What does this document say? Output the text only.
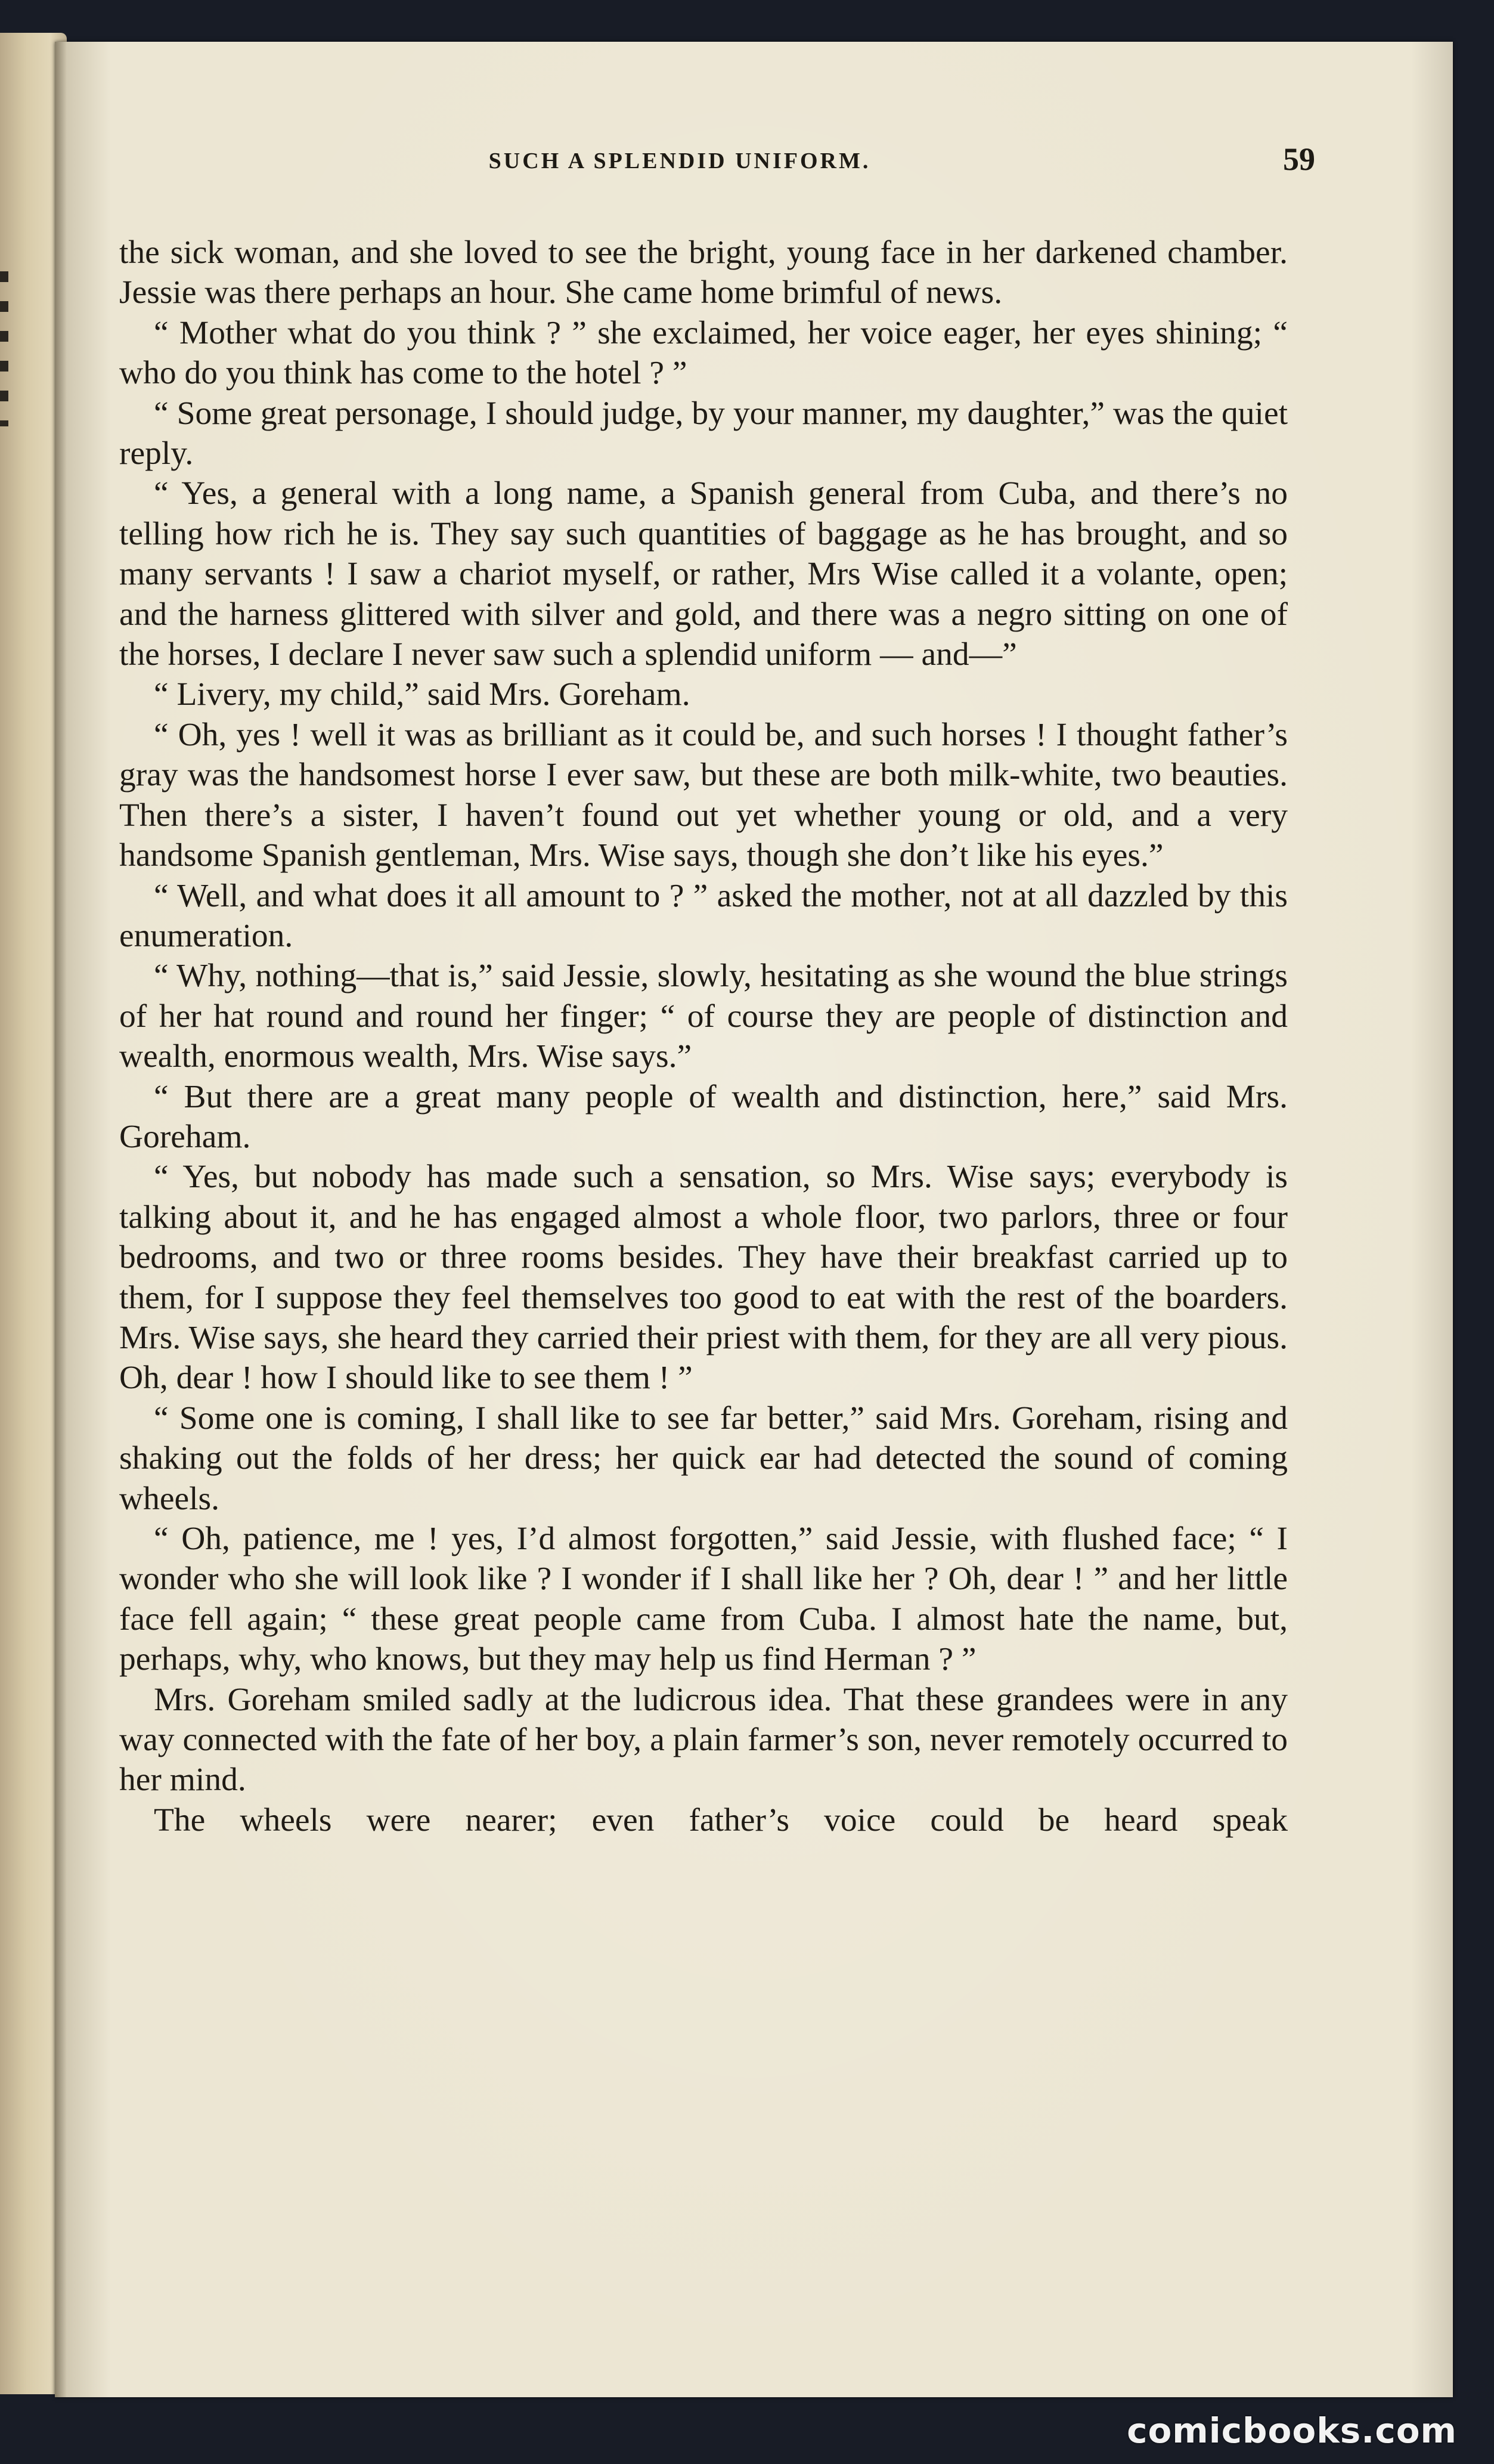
SUCH A SPLENDID UNIFORM.	59

the sick woman, and she loved to see the bright, young face in her darkened chamber. Jessie was there perhaps an hour. She came home brimful of news.

“ Mother what do you think ? ” she exclaimed, her voice eager, her eyes shining; “ who do you think has come to the hotel ? ”

“ Some great personage, I should judge, by your manner, my daughter,” was the quiet reply.

“ Yes, a general with a long name, a Spanish general from Cuba, and there’s no telling how rich he is. They say such quantities of baggage as he has brought, and so many servants ! I saw a chariot myself, or rather, Mrs Wise called it a volante, open; and the harness glittered with silver and gold, and there was a negro sitting on one of the horses, I declare I never saw such a splendid uniform — and—”

“ Livery, my child,” said Mrs. Goreham.

“ Oh, yes ! well it was as brilliant as it could be, and such horses ! I thought father’s gray was the handsomest horse I ever saw, but these are both milk-white, two beauties. Then there’s a sister, I haven’t found out yet whether young or old, and a very handsome Spanish gentleman, Mrs. Wise says, though she don’t like his eyes.”

“ Well, and what does it all amount to ? ” asked the mother, not at all dazzled by this enumeration.

“ Why, nothing—that is,” said Jessie, slowly, hesitating as she wound the blue strings of her hat round and round her finger; “ of course they are people of distinction and wealth, enormous wealth, Mrs. Wise says.”

“ But there are a great many people of wealth and distinction, here,” said Mrs. Goreham.

“ Yes, but nobody has made such a sensation, so Mrs. Wise says; everybody is talking about it, and he has engaged almost a whole floor, two parlors, three or four bedrooms, and two or three rooms besides. They have their breakfast carried up to them, for I suppose they feel themselves too good to eat with the rest of the boarders. Mrs. Wise says, she heard they carried their priest with them, for they are all very pious. Oh, dear ! how I should like to see them ! ”

“ Some one is coming, I shall like to see far better,” said Mrs. Goreham, rising and shaking out the folds of her dress; her quick ear had detected the sound of coming wheels.

“ Oh, patience, me ! yes, I’d almost forgotten,” said Jessie, with flushed face; “ I wonder who she will look like ? I wonder if I shall like her ? Oh, dear ! ” and her little face fell again; “ these great people came from Cuba. I almost hate the name, but, perhaps, why, who knows, but they may help us find Herman ? ”

Mrs. Goreham smiled sadly at the ludicrous idea. That these grandees were in any way connected with the fate of her boy, a plain farmer’s son, never remotely occurred to her mind.

The wheels were nearer; even father’s voice could be heard speak

comicbooks.com
